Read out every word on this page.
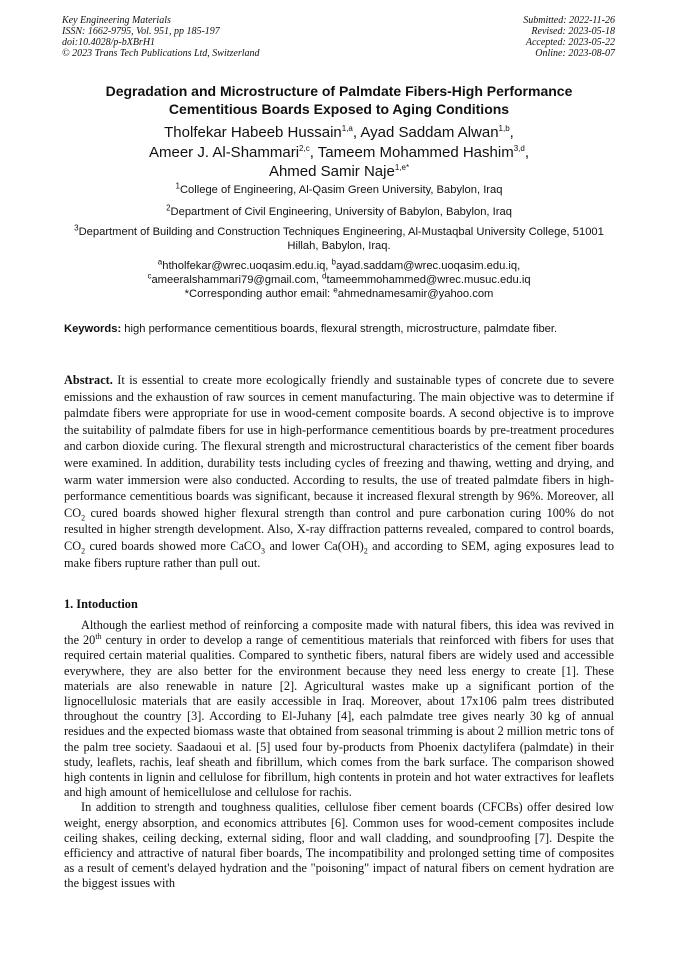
Key Engineering Materials
ISSN: 1662-9795, Vol. 951, pp 185-197
doi:10.4028/p-bXBrH1
© 2023 Trans Tech Publications Ltd, Switzerland
Submitted: 2022-11-26
Revised: 2023-05-18
Accepted: 2023-05-22
Online: 2023-08-07
Degradation and Microstructure of Palmdate Fibers-High Performance
Cementitious Boards Exposed to Aging Conditions
Tholfekar Habeeb Hussain$^{1,a}$, Ayad Saddam Alwan$^{1,b}$,
Ameer J. Al-Shammari$^{2,c}$, Tameem Mohammed Hashim$^{3,d}$,
Ahmed Samir Naje$^{1,e*}$
$^1$College of Engineering, Al-Qasim Green University, Babylon, Iraq
$^2$Department of Civil Engineering, University of Babylon, Babylon, Iraq
$^3$Department of Building and Construction Techniques Engineering, Al-Mustaqbal University College, 51001 Hillah, Babylon, Iraq.
$^a$htholfekar@wrec.uoqasim.edu.iq, $^b$ayad.saddam@wrec.uoqasim.edu.iq,
$^c$ameeralshammari79@gmail.com, $^d$tameemmohammed@wrec.musuc.edu.iq
*Corresponding author email: $^e$ahmednamesamir@yahoo.com
Keywords: high performance cementitious boards, flexural strength, microstructure, palmdate fiber.
Abstract. It is essential to create more ecologically friendly and sustainable types of concrete due to severe emissions and the exhaustion of raw sources in cement manufacturing. The main objective was to determine if palmdate fibers were appropriate for use in wood-cement composite boards. A second objective is to improve the suitability of palmdate fibers for use in high-performance cementitious boards by pre-treatment procedures and carbon dioxide curing. The flexural strength and microstructural characteristics of the cement fiber boards were examined. In addition, durability tests including cycles of freezing and thawing, wetting and drying, and warm water immersion were also conducted. According to results, the use of treated palmdate fibers in high-performance cementitious boards was significant, because it increased flexural strength by 96%. Moreover, all $CO_2$ cured boards showed higher flexural strength than control and pure carbonation curing 100% do not resulted in higher strength development. Also, X-ray diffraction patterns revealed, compared to control boards, $CO_2$ cured boards showed more CaCO$_3$ and lower $Ca(OH)_2$ and according to SEM, aging exposures lead to make fibers rupture rather than pull out.
1. Intoduction

Although the earliest method of reinforcing a composite made with natural fibers, this idea was revived in the 20th century in order to develop a range of cementitious materials that reinforced with fibers for uses that required certain material qualities. Compared to synthetic fibers, natural fibers are widely used and accessible everywhere, they are also better for the environment because they need less energy to create [1]. These materials are also renewable in nature [2]. Agricultural wastes make up a significant portion of the lignocellulosic materials that are easily accessible in Iraq. Moreover, about 17x106 palm trees distributed throughout the country [3]. According to El-Juhany [4], each palmdate tree gives nearly 30 kg of annual residues and the expected biomass waste that obtained from seasonal trimming is about 2 million metric tons of the palm tree society. Saadaoui et al. [5] used four by-products from Phoenix dactylifera (palmdate) in their study, leaflets, rachis, leaf sheath and fibrillum, which comes from the bark surface. The comparison showed high contents in lignin and cellulose for fibrillum, high contents in protein and hot water extractives for leaflets and high amount of hemicellulose and cellulose for rachis.

In addition to strength and toughness qualities, cellulose fiber cement boards (CFCBs) offer desired low weight, energy absorption, and economics attributes [6]. Common uses for wood-cement composites include ceiling shakes, ceiling decking, external siding, floor and wall cladding, and soundproofing [7]. Despite the efficiency and attractive of natural fiber boards, The incompatibility and prolonged setting time of composites as a result of cement's delayed hydration and the "poisoning" impact of natural fibers on cement hydration are the biggest issues with
